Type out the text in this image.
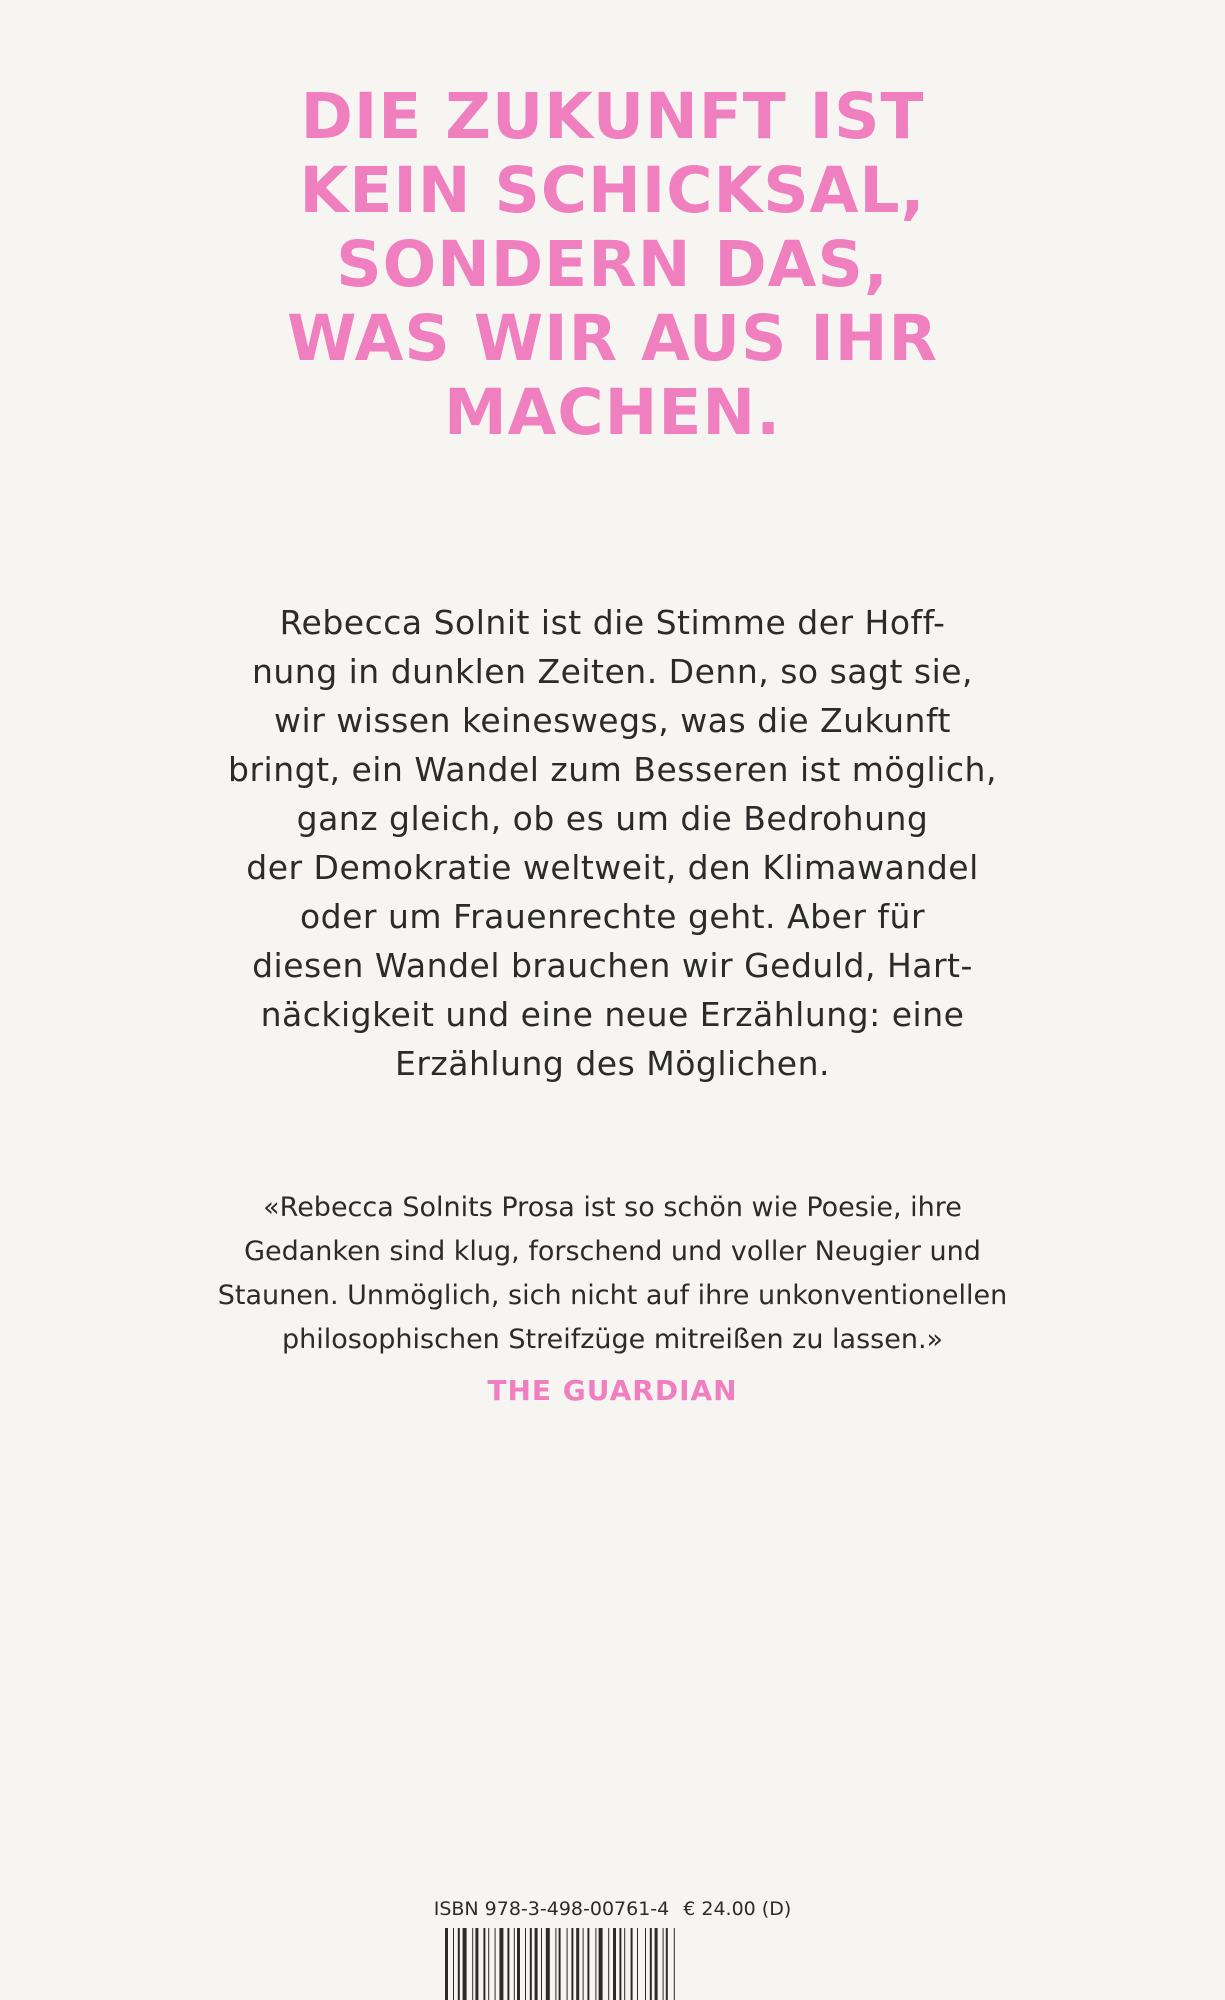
DIE ZUKUNFT IST
KEIN SCHICKSAL,
SONDERN DAS,
WAS WIR AUS IHR
MACHEN.
Rebecca Solnit ist die Stimme der Hoff-
nung in dunklen Zeiten. Denn, so sagt sie,
wir wissen keineswegs, was die Zukunft
bringt, ein Wandel zum Besseren ist möglich,
ganz gleich, ob es um die Bedrohung
der Demokratie weltweit, den Klimawandel
oder um Frauenrechte geht. Aber für
diesen Wandel brauchen wir Geduld, Hart-
näckigkeit und eine neue Erzählung: eine
Erzählung des Möglichen.
«Rebecca Solnits Prosa ist so schön wie Poesie, ihre
Gedanken sind klug, forschend und voller Neugier und
Staunen. Unmöglich, sich nicht auf ihre unkonventionellen
philosophischen Streifzüge mitreißen zu lassen.»
THE GUARDIAN
ISBN 978-3-498-00761-4 € 24.00 (D)
